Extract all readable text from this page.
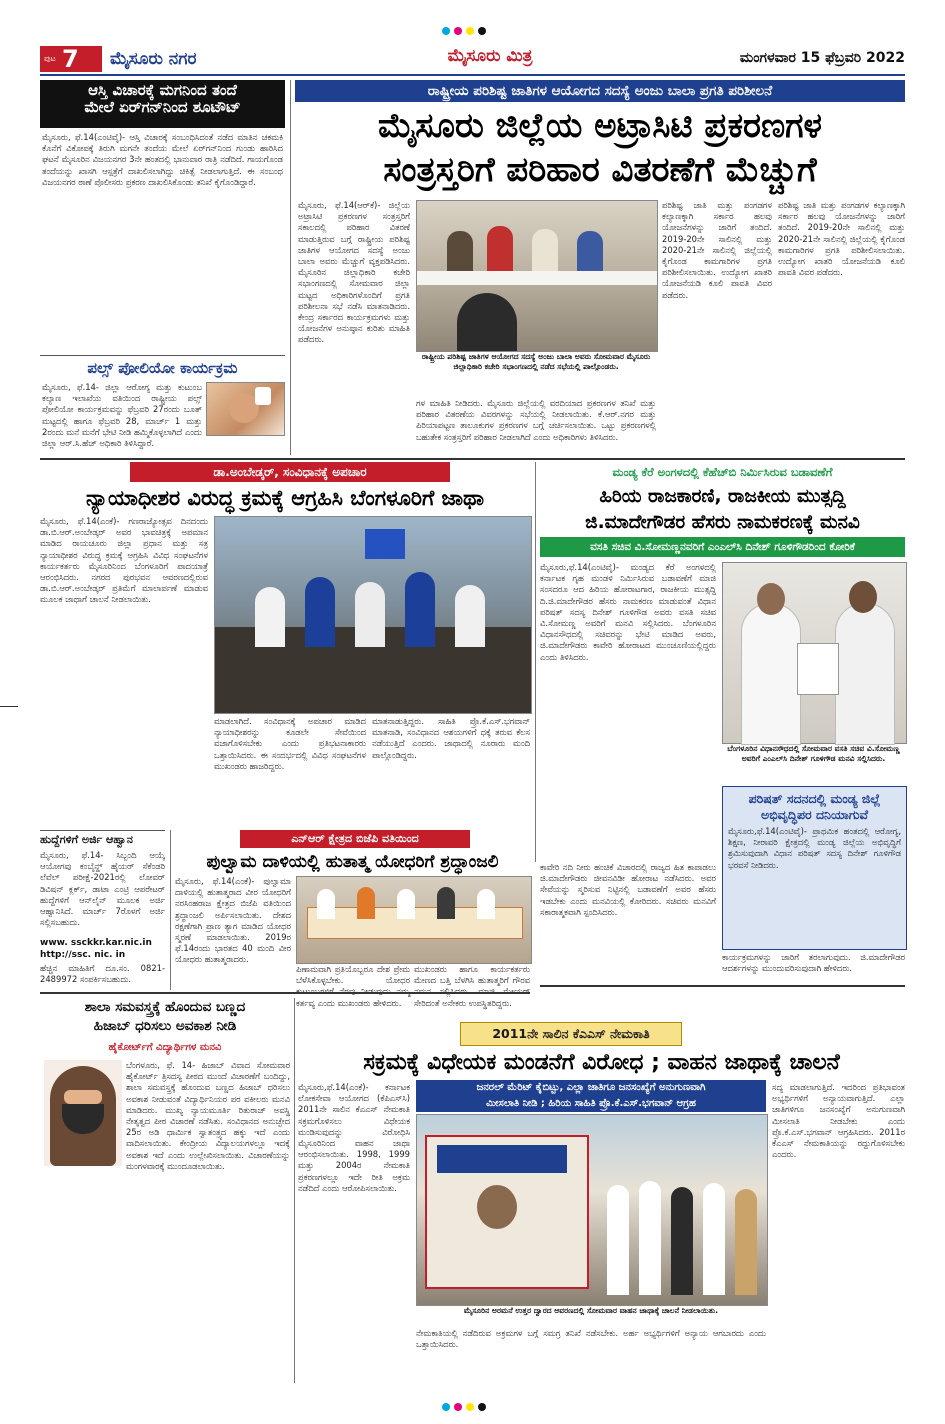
ಪುಟ 7 ಮೈಸೂರು ನಗರ	ಮೈಸೂರು ಮಿತ್ರ	ಮಂಗಳವಾರ 15 ಫೆಬ್ರವರಿ 2022
ಆಸ್ತಿ ವಿಚಾರಕ್ಕೆ ಮಗನಿಂದ ತಂದೆ
ಮೇಲೆ ಏರ್‌ಗನ್‌ನಿಂದ ಶೂಟೌಟ್
ಮೈಸೂರು, ಫೆ.14(ಎಂಟಿವೈ)- ಆಸ್ತಿ ವಿಚಾರಕ್ಕೆ ಸಂಬಂಧಿಸಿದಂತೆ ನಡೆದ ಮಾತಿನ ಚಕಮಕಿ ಕೊನೆಗೆ ವಿಕೋಪಕ್ಕೆ ತಿರುಗಿ ಮಗನೇ ತಂದೆಯ ಮೇಲೆ ಏರ್‌ಗನ್‌ನಿಂದ ಗುಂಡು ಹಾರಿಸಿದ ಘಟನೆ ಮೈಸೂರಿನ ವಿಜಯನಗರ 3ನೇ ಹಂತದಲ್ಲಿ ಭಾನುವಾರ ರಾತ್ರಿ ನಡೆದಿದೆ. ಗಾಯಗೊಂಡ ತಂದೆಯನ್ನು ಖಾಸಗಿ ಆಸ್ಪತ್ರೆಗೆ ದಾಖಲಿಸಲಾಗಿದ್ದು ಚಿಕಿತ್ಸೆ ನೀಡಲಾಗುತ್ತಿದೆ. ಈ ಸಂಬಂಧ ವಿಜಯನಗರ ಠಾಣೆ ಪೊಲೀಸರು ಪ್ರಕರಣ ದಾಖಲಿಸಿಕೊಂಡು ತನಿಖೆ ಕೈಗೊಂಡಿದ್ದಾರೆ.
ಪಲ್ಸ್ ಪೋಲಿಯೋ ಕಾರ್ಯಕ್ರಮ
ಮೈಸೂರು, ಫೆ.14- ಜಿಲ್ಲಾ ಆರೋಗ್ಯ ಮತ್ತು ಕುಟುಂಬ ಕಲ್ಯಾಣ ಇಲಾಖೆಯ ವತಿಯಿಂದ ರಾಷ್ಟ್ರೀಯ ಪಲ್ಸ್ ಪೋಲಿಯೋ ಕಾರ್ಯಕ್ರಮವನ್ನು ಫೆಬ್ರವರಿ 27ರಂದು ಬೂತ್ ಮಟ್ಟದಲ್ಲಿ ಹಾಗೂ ಫೆಬ್ರವರಿ 28, ಮಾರ್ಚ್ 1 ಮತ್ತು 2ರಂದು ಮನೆ ಮನೆಗೆ ಭೇಟಿ ನೀಡಿ ಹಮ್ಮಿಕೊಳ್ಳಲಾಗಿದೆ ಎಂದು ಜಿಲ್ಲಾ ಆರ್.ಸಿ.ಹೆಚ್ ಅಧಿಕಾರಿ ತಿಳಿಸಿದ್ದಾರೆ.
ರಾಷ್ಟ್ರೀಯ ಪರಿಶಿಷ್ಟ ಜಾತಿಗಳ ಆಯೋಗದ ಸದಸ್ಯೆ ಅಂಜು ಬಾಲಾ ಪ್ರಗತಿ ಪರಿಶೀಲನೆ
ಮೈಸೂರು ಜಿಲ್ಲೆಯ ಅಟ್ರಾಸಿಟಿ ಪ್ರಕರಣಗಳ
ಸಂತ್ರಸ್ತರಿಗೆ ಪರಿಹಾರ ವಿತರಣೆಗೆ ಮೆಚ್ಚುಗೆ
ಮೈಸೂರು, ಫೆ.14(ಆರ್‌ಕೆ)- ಜಿಲ್ಲೆಯ ಅಟ್ರಾಸಿಟಿ ಪ್ರಕರಣಗಳ ಸಂತ್ರಸ್ತರಿಗೆ ಸಕಾಲದಲ್ಲಿ ಪರಿಹಾರ ವಿತರಣೆ ಮಾಡುತ್ತಿರುವ ಬಗ್ಗೆ ರಾಷ್ಟ್ರೀಯ ಪರಿಶಿಷ್ಟ ಜಾತಿಗಳ ಆಯೋಗದ ಸದಸ್ಯೆ ಅಂಜು ಬಾಲಾ ಅವರು ಮೆಚ್ಚುಗೆ ವ್ಯಕ್ತಪಡಿಸಿದರು. ಮೈಸೂರಿನ ಜಿಲ್ಲಾಧಿಕಾರಿ ಕಚೇರಿ ಸಭಾಂಗಣದಲ್ಲಿ ಸೋಮವಾರ ಜಿಲ್ಲಾ ಮಟ್ಟದ ಅಧಿಕಾರಿಗಳೊಂದಿಗೆ ಪ್ರಗತಿ ಪರಿಶೀಲನಾ ಸಭೆ ನಡೆಸಿ ಮಾತನಾಡಿದರು. ಕೇಂದ್ರ ಸರ್ಕಾರದ ಕಾರ್ಯಕ್ರಮಗಳು ಮತ್ತು ಯೋಜನೆಗಳ ಅನುಷ್ಠಾನ ಕುರಿತು ಮಾಹಿತಿ ಪಡೆದರು.
ರಾಷ್ಟ್ರೀಯ ಪರಿಶಿಷ್ಟ ಜಾತಿಗಳ ಆಯೋಗದ ಸದಸ್ಯೆ ಅಂಜು ಬಾಲಾ ಅವರು ಸೋಮವಾರ ಮೈಸೂರು ಜಿಲ್ಲಾಧಿಕಾರಿ ಕಚೇರಿ ಸಭಾಂಗಣದಲ್ಲಿ ನಡೆದ ಸಭೆಯಲ್ಲಿ ಪಾಲ್ಗೊಂಡರು.
ಗಳ ಮಾಹಿತಿ ನೀಡಿದರು. ಮೈಸೂರು ಜಿಲ್ಲೆಯಲ್ಲಿ ವರದಿಯಾದ ಪ್ರಕರಣಗಳ ತನಿಖೆ ಮತ್ತು ಪರಿಹಾರ ವಿತರಣೆಯ ವಿವರಗಳನ್ನು ಸಭೆಯಲ್ಲಿ ನೀಡಲಾಯಿತು. ಕೆ.ಆರ್.ನಗರ ಮತ್ತು ಪಿರಿಯಾಪಟ್ಟಣ ತಾಲೂಕುಗಳ ಪ್ರಕರಣಗಳ ಬಗ್ಗೆ ಚರ್ಚಿಸಲಾಯಿತು. ಒಟ್ಟು ಪ್ರಕರಣಗಳಲ್ಲಿ ಬಹುತೇಕ ಸಂತ್ರಸ್ತರಿಗೆ ಪರಿಹಾರ ನೀಡಲಾಗಿದೆ ಎಂದು ಅಧಿಕಾರಿಗಳು ತಿಳಿಸಿದರು.
ಪರಿಶಿಷ್ಟ ಜಾತಿ ಮತ್ತು ಪಂಗಡಗಳ ಕಲ್ಯಾಣಕ್ಕಾಗಿ ಸರ್ಕಾರ ಹಲವು ಯೋಜನೆಗಳನ್ನು ಜಾರಿಗೆ ತಂದಿದೆ. 2019-20ನೇ ಸಾಲಿನಲ್ಲಿ ಮತ್ತು 2020-21ನೇ ಸಾಲಿನಲ್ಲಿ ಜಿಲ್ಲೆಯಲ್ಲಿ ಕೈಗೊಂಡ ಕಾಮಗಾರಿಗಳ ಪ್ರಗತಿ ಪರಿಶೀಲಿಸಲಾಯಿತು. ಉದ್ಯೋಗ ಖಾತರಿ ಯೋಜನೆಯಡಿ ಕೂಲಿ ಪಾವತಿ ವಿವರ ಪಡೆದರು.
ಪರಿಶಿಷ್ಟ ಜಾತಿ ಮತ್ತು ಪಂಗಡಗಳ ಕಲ್ಯಾಣಕ್ಕಾಗಿ ಸರ್ಕಾರ ಹಲವು ಯೋಜನೆಗಳನ್ನು ಜಾರಿಗೆ ತಂದಿದೆ. 2019-20ನೇ ಸಾಲಿನಲ್ಲಿ ಮತ್ತು 2020-21ನೇ ಸಾಲಿನಲ್ಲಿ ಜಿಲ್ಲೆಯಲ್ಲಿ ಕೈಗೊಂಡ ಕಾಮಗಾರಿಗಳ ಪ್ರಗತಿ ಪರಿಶೀಲಿಸಲಾಯಿತು. ಉದ್ಯೋಗ ಖಾತರಿ ಯೋಜನೆಯಡಿ ಕೂಲಿ ಪಾವತಿ ವಿವರ ಪಡೆದರು.
ಡಾ.ಅಂಬೇಡ್ಕರ್, ಸಂವಿಧಾನಕ್ಕೆ ಅಪಚಾರ
ನ್ಯಾಯಾಧೀಶರ ವಿರುದ್ಧ ಕ್ರಮಕ್ಕೆ ಆಗ್ರಹಿಸಿ ಬೆಂಗಳೂರಿಗೆ ಜಾಥಾ
ಮೈಸೂರು, ಫೆ.14(ಎಂಕೆ)- ಗಣರಾಜ್ಯೋತ್ಸವ ದಿನದಂದು ಡಾ.ಬಿ.ಆರ್.ಅಂಬೇಡ್ಕರ್ ಅವರ ಭಾವಚಿತ್ರಕ್ಕೆ ಅಪಮಾನ ಮಾಡಿದ ರಾಯಚೂರು ಜಿಲ್ಲಾ ಪ್ರಧಾನ ಮತ್ತು ಸತ್ರ ನ್ಯಾಯಾಧೀಶರ ವಿರುದ್ಧ ಕ್ರಮಕ್ಕೆ ಆಗ್ರಹಿಸಿ ವಿವಿಧ ಸಂಘಟನೆಗಳ ಕಾರ್ಯಕರ್ತರು ಮೈಸೂರಿನಿಂದ ಬೆಂಗಳೂರಿಗೆ ಪಾದಯಾತ್ರೆ ಆರಂಭಿಸಿದರು. ನಗರದ ಪುರಭವನ ಆವರಣದಲ್ಲಿರುವ ಡಾ.ಬಿ.ಆರ್.ಅಂಬೇಡ್ಕರ್ ಪ್ರತಿಮೆಗೆ ಮಾಲಾರ್ಪಣೆ ಮಾಡುವ ಮೂಲಕ ಜಾಥಾಗೆ ಚಾಲನೆ ನೀಡಲಾಯಿತು.
ಮಾಡಲಾಗಿದೆ. ಸಂವಿಧಾನಕ್ಕೆ ಅಪಚಾರ ಮಾಡಿದ ನ್ಯಾಯಾಧೀಶರನ್ನು ಕೂಡಲೇ ಸೇವೆಯಿಂದ ವಜಾಗೊಳಿಸಬೇಕು ಎಂದು ಪ್ರತಿಭಟನಾಕಾರರು ಒತ್ತಾಯಿಸಿದರು. ಈ ಸಂದರ್ಭದಲ್ಲಿ ವಿವಿಧ ಸಂಘಟನೆಗಳ ಮುಖಂಡರು ಹಾಜರಿದ್ದರು.
ಮಾತನಾಡುತ್ತಿದ್ದರು. ಸಾಹಿತಿ ಪ್ರೊ.ಕೆ.ಎಸ್.ಭಗವಾನ್ ಮಾತನಾಡಿ, ಸಂವಿಧಾನದ ಆಶಯಗಳಿಗೆ ಧಕ್ಕೆ ತರುವ ಕೆಲಸ ನಡೆಯುತ್ತಿದೆ ಎಂದರು. ಜಾಥಾದಲ್ಲಿ ನೂರಾರು ಮಂದಿ ಪಾಲ್ಗೊಂಡಿದ್ದರು.
ಮಂಡ್ಯ ಕೆರೆ ಅಂಗಳದಲ್ಲಿ ಕೆಹೆಚ್‌ಬಿ ನಿರ್ಮಿಸಿರುವ ಬಡಾವಣೆಗೆ
ಹಿರಿಯ ರಾಜಕಾರಣಿ, ರಾಜಕೀಯ ಮುತ್ಸದ್ದಿ
ಜಿ.ಮಾದೇಗೌಡರ ಹೆಸರು ನಾಮಕರಣಕ್ಕೆ ಮನವಿ
ವಸತಿ ಸಚಿವ ವಿ.ಸೋಮಣ್ಣನವರಿಗೆ ಎಂಎಲ್‌ಸಿ ದಿನೇಶ್ ಗೂಳಿಗೌಡರಿಂದ ಕೋರಿಕೆ
ಮೈಸೂರು,ಫೆ.14(ಎಂಟಿವೈ)- ಮಂಡ್ಯದ ಕೆರೆ ಅಂಗಳದಲ್ಲಿ ಕರ್ನಾಟಕ ಗೃಹ ಮಂಡಳಿ ನಿರ್ಮಿಸಿರುವ ಬಡಾವಣೆಗೆ ಮಾಜಿ ಸಂಸದರೂ ಆದ ಹಿರಿಯ ಹೋರಾಟಗಾರ, ರಾಜಕೀಯ ಮುತ್ಸದ್ದಿ ದಿ.ಜಿ.ಮಾದೇಗೌಡರ ಹೆಸರು ನಾಮಕರಣ ಮಾಡುವಂತೆ ವಿಧಾನ ಪರಿಷತ್ ಸದಸ್ಯ ದಿನೇಶ್ ಗೂಳಿಗೌಡ ಅವರು ವಸತಿ ಸಚಿವ ವಿ.ಸೋಮಣ್ಣ ಅವರಿಗೆ ಮನವಿ ಸಲ್ಲಿಸಿದರು. ಬೆಂಗಳೂರಿನ ವಿಧಾನಸೌಧದಲ್ಲಿ ಸಚಿವರನ್ನು ಭೇಟಿ ಮಾಡಿದ ಅವರು, ಜಿ.ಮಾದೇಗೌಡರು ಕಾವೇರಿ ಹೋರಾಟದ ಮುಂಚೂಣಿಯಲ್ಲಿದ್ದರು ಎಂದು ತಿಳಿಸಿದರು.
ಬೆಂಗಳೂರಿನ ವಿಧಾನಸೌಧದಲ್ಲಿ ಸೋಮವಾರ ವಸತಿ ಸಚಿವ ವಿ.ಸೋಮಣ್ಣ ಅವರಿಗೆ ಎಂಎಲ್‌ಸಿ ದಿನೇಶ್ ಗೂಳಿಗೌಡ ಮನವಿ ಸಲ್ಲಿಸಿದರು.
ಪರಿಷತ್ ಸದನದಲ್ಲಿ ಮಂಡ್ಯ ಜಿಲ್ಲೆ ಅಭಿವೃದ್ಧಿಪರ ದನಿಯಾಗುವೆ
ಮೈಸೂರು,ಫೆ.14(ಎಂಟಿವೈ)- ಪ್ರಾಥಮಿಕ ಹಂತದಲ್ಲಿ ಆರೋಗ್ಯ, ಶಿಕ್ಷಣ, ನೀರಾವರಿ ಕ್ಷೇತ್ರದಲ್ಲಿ ಮಂಡ್ಯ ಜಿಲ್ಲೆಯ ಅಭಿವೃದ್ಧಿಗೆ ಶ್ರಮಿಸುವುದಾಗಿ ವಿಧಾನ ಪರಿಷತ್ ಸದಸ್ಯ ದಿನೇಶ್ ಗೂಳಿಗೌಡ ಭರವಸೆ ನೀಡಿದರು.
ಕಾವೇರಿ ನದಿ ನೀರು ಹಂಚಿಕೆ ವಿಚಾರದಲ್ಲಿ ರಾಜ್ಯದ ಹಿತ ಕಾಪಾಡಲು ಜಿ.ಮಾದೇಗೌಡರು ಜೀವನವಿಡೀ ಹೋರಾಟ ನಡೆಸಿದರು. ಅವರ ಸೇವೆಯನ್ನು ಸ್ಮರಿಸುವ ನಿಟ್ಟಿನಲ್ಲಿ ಬಡಾವಣೆಗೆ ಅವರ ಹೆಸರು ಇಡಬೇಕು ಎಂದು ಮನವಿಯಲ್ಲಿ ಕೋರಿದರು. ಸಚಿವರು ಮನವಿಗೆ ಸಕಾರಾತ್ಮಕವಾಗಿ ಸ್ಪಂದಿಸಿದರು.
ಕಾರ್ಯಕ್ರಮಗಳನ್ನು ಜಾರಿಗೆ ತರಲಾಗುವುದು. ಜಿ.ಮಾದೇಗೌಡರ ಆದರ್ಶಗಳನ್ನು ಮುಂದುವರಿಸುವುದಾಗಿ ಹೇಳಿದರು.
ಹುದ್ದೆಗಳಿಗೆ ಅರ್ಜಿ ಆಹ್ವಾನ
ಮೈಸೂರು, ಫೆ.14- ಸಿಬ್ಬಂದಿ ಆಯ್ಕೆ ಆಯೋಗವು ಕಂಬೈನ್ಡ್ ಹೈಯರ್ ಸೆಕೆಂಡರಿ ಲೆವೆಲ್ ಪರೀಕ್ಷೆ-2021ರಲ್ಲಿ ಲೋವರ್ ಡಿವಿಷನ್ ಕ್ಲರ್ಕ್, ಡಾಟಾ ಎಂಟ್ರಿ ಆಪರೇಟರ್ ಹುದ್ದೆಗಳಿಗೆ ಆನ್‌ಲೈನ್ ಮೂಲಕ ಅರ್ಜಿ ಆಹ್ವಾನಿಸಿದೆ. ಮಾರ್ಚ್ 7ರೊಳಗೆ ಅರ್ಜಿ ಸಲ್ಲಿಸಬಹುದು.
www. ssckkr.kar.nic.in
http://ssc. nic. in
ಹೆಚ್ಚಿನ ಮಾಹಿತಿಗೆ ದೂ.ಸಂ. 0821-2489972 ಸಂಪರ್ಕಿಸಬಹುದು.
ಎನ್‌ಆರ್ ಕ್ಷೇತ್ರದ ಬಿಜೆಪಿ ವತಿಯಿಂದ
ಪುಲ್ವಾಮ ದಾಳಿಯಲ್ಲಿ ಹುತಾತ್ಮ ಯೋಧರಿಗೆ ಶ್ರದ್ಧಾಂಜಲಿ
ಮೈಸೂರು, ಫೆ.14(ಎಂಕೆ)- ಪುಲ್ವಾಮಾ ದಾಳಿಯಲ್ಲಿ ಹುತಾತ್ಮರಾದ ವೀರ ಯೋಧರಿಗೆ ನರಸಿಂಹರಾಜ ಕ್ಷೇತ್ರದ ಬಿಜೆಪಿ ವತಿಯಿಂದ ಶ್ರದ್ಧಾಂಜಲಿ ಅರ್ಪಿಸಲಾಯಿತು. ದೇಶದ ರಕ್ಷಣೆಗಾಗಿ ಪ್ರಾಣ ತ್ಯಾಗ ಮಾಡಿದ ಯೋಧರ ಸ್ಮರಣೆ ಮಾಡಲಾಯಿತು. 2019ರ ಫೆ.14ರಂದು ಭಾರತದ 40 ಮಂದಿ ವೀರ ಯೋಧರು ಹುತಾತ್ಮರಾದರು.
ಪಿಣಾಮವಾಗಿ ಪ್ರತಿಯೊಬ್ಬರೂ ದೇಶ ಪ್ರೇಮ ಬೆಳೆಸಿಕೊಳ್ಳಬೇಕು. ಯೋಧರ ಕರ್ತವ್ಯ ಎಂದು ಮುಖಂಡರು ಹೇಳಿದರು.
ಮುಖಂಡರು ಹಾಗೂ ಕಾರ್ಯಕರ್ತರು ಮೇಣದ ಬತ್ತಿ ಬೆಳಗಿಸಿ ಹುತಾತ್ಮರಿಗೆ ಗೌರವ ಸೇರಿದಂತೆ ಅನೇಕರು ಉಪಸ್ಥಿತರಿದ್ದರು.
ಶಾಲಾ ಸಮವಸ್ತ್ರಕ್ಕೆ ಹೊಂದುವ ಬಣ್ಣದ
ಹಿಜಾಬ್ ಧರಿಸಲು ಅವಕಾಶ ನೀಡಿ
ಹೈಕೋರ್ಟ್‌ಗೆ ವಿದ್ಯಾರ್ಥಿಗಳ ಮನವಿ
ಬೆಂಗಳೂರು, ಫೆ. 14- ಹಿಜಾಬ್ ವಿವಾದ ಸೋಮವಾರ ಹೈಕೋರ್ಟ್ ತ್ರಿಸದಸ್ಯ ಪೀಠದ ಮುಂದೆ ವಿಚಾರಣೆಗೆ ಬಂದಿದ್ದು, ಶಾಲಾ ಸಮವಸ್ತ್ರಕ್ಕೆ ಹೊಂದುವ ಬಣ್ಣದ ಹಿಜಾಬ್ ಧರಿಸಲು ಅವಕಾಶ ನೀಡುವಂತೆ ವಿದ್ಯಾರ್ಥಿನಿಯರ ಪರ ವಕೀಲರು ಮನವಿ ಮಾಡಿದರು. ಮುಖ್ಯ ನ್ಯಾಯಮೂರ್ತಿ ರಿತುರಾಜ್ ಅವಸ್ಥಿ ನೇತೃತ್ವದ ಪೀಠ ವಿಚಾರಣೆ ನಡೆಸಿತು. ಸಂವಿಧಾನದ ಅನುಚ್ಛೇದ 25ರ ಅಡಿ ಧಾರ್ಮಿಕ ಸ್ವಾತಂತ್ರ್ಯದ ಹಕ್ಕು ಇದೆ ಎಂದು ವಾದಿಸಲಾಯಿತು. ಕೇಂದ್ರೀಯ ವಿದ್ಯಾಲಯಗಳಲ್ಲೂ ಇದಕ್ಕೆ ಅವಕಾಶ ಇದೆ ಎಂದು ಉಲ್ಲೇಖಿಸಲಾಯಿತು. ವಿಚಾರಣೆಯನ್ನು ಮಂಗಳವಾರಕ್ಕೆ ಮುಂದೂಡಲಾಯಿತು.
2011ನೇ ಸಾಲಿನ ಕೆಎಎಸ್ ನೇಮಕಾತಿ
ಸಕ್ರಮಕ್ಕೆ ವಿಧೇಯಕ ಮಂಡನೆಗೆ ವಿರೋಧ ; ವಾಹನ ಜಾಥಾಕ್ಕೆ ಚಾಲನೆ
ಜನರಲ್ ಮೆರಿಟ್ ಕೈಬಿಟ್ಟು, ಎಲ್ಲಾ ಜಾತಿಗೂ ಜನಸಂಖ್ಯೆಗೆ ಅನುಗುಣವಾಗಿ
ಮೀಸಲಾತಿ ನೀಡಿ ; ಹಿರಿಯ ಸಾಹಿತಿ ಪ್ರೊ.ಕೆ.ಎಸ್.ಭಗವಾನ್ ಆಗ್ರಹ
ಮೈಸೂರು,ಫೆ.14(ಎಂಕೆ)- ಕರ್ನಾಟಕ ಲೋಕಸೇವಾ ಆಯೋಗದ (ಕೆಪಿಎಸ್‌ಸಿ) 2011ನೇ ಸಾಲಿನ ಕೆಎಎಸ್ ನೇಮಕಾತಿ ಸಕ್ರಮಗೊಳಿಸಲು ವಿಧೇಯಕ ಮಂಡಿಸುವುದನ್ನು ವಿರೋಧಿಸಿ ಮೈಸೂರಿನಿಂದ ವಾಹನ ಜಾಥಾ ಆರಂಭಿಸಲಾಯಿತು. 1998, 1999 ಮತ್ತು 2004ರ ನೇಮಕಾತಿ ಪ್ರಕರಣಗಳಲ್ಲೂ ಇದೇ ರೀತಿ ಅಕ್ರಮ ನಡೆದಿದೆ ಎಂದು ಆರೋಪಿಸಲಾಯಿತು.
ಮೈಸೂರಿನ ಅರಮನೆ ಉತ್ತರ ದ್ವಾರದ ಆವರಣದಲ್ಲಿ ಸೋಮವಾರ ವಾಹನ ಜಾಥಾಕ್ಕೆ ಚಾಲನೆ ನೀಡಲಾಯಿತು.
ನೇಮಕಾತಿಯಲ್ಲಿ ನಡೆದಿರುವ ಅಕ್ರಮಗಳ ಬಗ್ಗೆ ಸಮಗ್ರ ತನಿಖೆ ನಡೆಸಬೇಕು. ಅರ್ಹ ಅಭ್ಯರ್ಥಿಗಳಿಗೆ ಅನ್ಯಾಯ ಆಗಬಾರದು ಎಂದು ಒತ್ತಾಯಿಸಿದರು.
ಸದ್ಯ ಮಾಡಲಾಗುತ್ತಿದೆ. ಇದರಿಂದ ಪ್ರತಿಭಾವಂತ ಅಭ್ಯರ್ಥಿಗಳಿಗೆ ಅನ್ಯಾಯವಾಗುತ್ತಿದೆ. ಎಲ್ಲಾ ಜಾತಿಗಳಿಗೂ ಜನಸಂಖ್ಯೆಗೆ ಅನುಗುಣವಾಗಿ ಮೀಸಲಾತಿ ನೀಡಬೇಕು ಎಂದು ಪ್ರೊ.ಕೆ.ಎಸ್.ಭಗವಾನ್ ಆಗ್ರಹಿಸಿದರು. 2011ರ ಕೆಎಎಸ್ ನೇಮಕಾತಿಯನ್ನು ರದ್ದುಗೊಳಿಸಬೇಕು ಎಂದರು.
